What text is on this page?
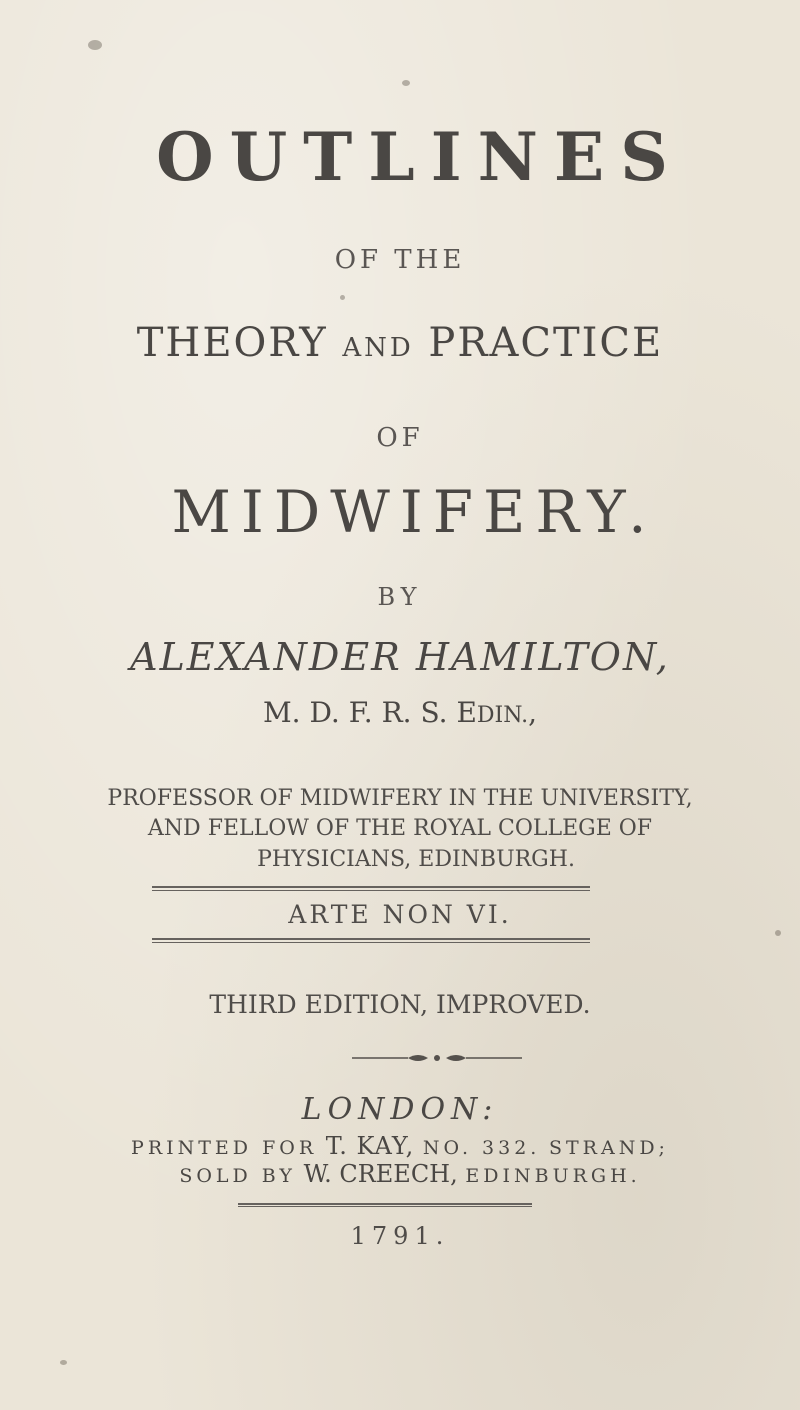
OUTLINES
OF THE
THEORY AND PRACTICE
OF
MIDWIFERY.
BY
ALEXANDER HAMILTON,
M. D. F. R. S. EDIN.,
PROFESSOR OF MIDWIFERY IN THE UNIVERSITY,
AND FELLOW OF THE ROYAL COLLEGE OF
PHYSICIANS, EDINBURGH.
ARTE NON VI.
THIRD EDITION, IMPROVED.
LONDON:
PRINTED FOR T. KAY, NO. 332. STRAND;
SOLD BY W. CREECH, EDINBURGH.
1791.
